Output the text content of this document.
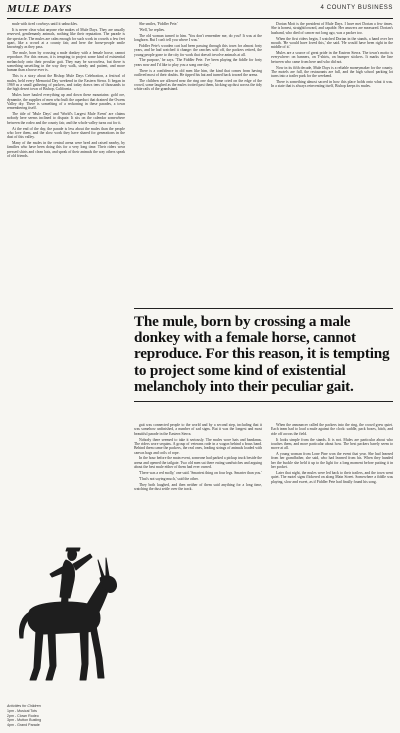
MULE DAYS	4 COUNTY BUSINESS

mule with tired cowboys until it unbuckles.

It is never clear what anyone else makes of Mule Days. They are usually reserved, gentlemanly animals, nothing like their reputation. The parade is the spectacle. The mules are calm enough for such work in crowds a few feet apart, like a crowd at a county fair, and here the horse-people smile knowingly as they pass.

The mule, born by crossing a male donkey with a female horse, cannot reproduce. For this reason, it is tempting to project some kind of existential melancholy onto their peculiar gait. They may be sorrowless, but there is something unsettling in the way they walk, steady and patient, and more human than a horse ever is.

This is a story about the Bishop Mule Days Celebration, a festival of mules, held every Memorial Day weekend in the Eastern Sierra. It began in 1969 as a small gathering of packers, and today draws tens of thousands to the high desert town of Bishop, California.

Mules have hauled everything up and down these mountains: gold ore, dynamite, the supplies of men who built the aqueduct that drained the Owens Valley dry. There is something of a reckoning in these parades, a town remembering itself.

The title of 'Mule Days' and 'World's Largest Mule Event' are claims nobody here seems inclined to dispute. It sits on the calendar somewhere between the rodeo and the county fair, and the whole valley turns out for it.

At the end of the day, the parade is less about the mules than the people who love them, and the slow work they have shared for generations in the dust of this valley.

Many of the mules in the central arena were bred and raised nearby, by families who have been doing this for a very long time. Their riders wear pressed shirts and clean hats, and speak of their animals the way others speak of old friends.

She smiles, 'Fiddler Pete.'

'Well,' he replies.

The old woman turned to him. 'You don't remember me, do you? It was at the longhorn. But I can't tell you where I was.'

Fiddler Pete's wooden cart had been passing through this town for almost forty years, and he had watched it change: the ranches sold off, the packers retired, the young people gone to the city for work that doesn't involve animals at all.

'The purpose,' he says. 'The Fiddler Pete. I've been playing the fiddle for forty years now and I'd like to play you a song one day.'

There is a confidence in old men like him, the kind that comes from having outlived most of their doubts. He tipped his hat and turned back toward the arena.

The children are allowed near the ring one day. Some cried on the edge of the crowd, some laughed as the mules trotted past them, kicking up dust across the tidy white rails of the grandstand.

Dorian Mott is the president of Mule Days. I have met Dorian a few times. She is honest, straightforward, and capable. Her answers are measured. Dorian's husband, who died of cancer not long ago, was a packer too.

When the first riders begin, I watched Dorian in the stands, a hand over her mouth. 'He would have loved this,' she said. 'He would have been right in the middle of it.'

Mules are a source of great pride in the Eastern Sierra. The town's motto is everywhere: on banners, on T-shirts, on bumper stickers. It marks the line between who came from here and who did not.

Now in its fifth decade, Mule Days is a reliable moneymaker for the county. The motels are full, the restaurants are full, and the high school parking lot turns into a trailer park for the weekend.

There is something almost sacred in how this place holds onto what it was. In a state that is always reinventing itself, Bishop keeps its mules.

The mule, born by crossing a male donkey with a female horse, cannot reproduce. For this reason, it is tempting to project some kind of existential melancholy into their peculiar gait.

gait was connected people to the world and by a second step, including that it was somehow unfinished, a number of sad signs. But it was the longest and most beautiful parade in the Eastern Sierra.

Nobody there seemed to take it seriously. The mules wore hats and bandanas. The riders wore sequins. A group of veterans rode in a wagon behind a brass band. Behind them came the packers, the real ones, leading strings of animals loaded with canvas bags and coils of rope.

In the hour before the main event, someone had parked a pickup truck beside the arena and opened the tailgate. Two old men sat there eating sandwiches and arguing about the best mule either of them had ever owned.

'There was a red molly,' one said. 'Smartest thing on four legs. Smarter than you.'

'That's not saying much,' said the other.

They both laughed, and then neither of them said anything for a long time, watching the dust settle over the track.

When the announcer called the packers into the ring, the crowd grew quiet. Each team had to load a mule against the clock: saddle, pack boxes, hitch, and ride off across the field.

It looks simple from the stands. It is not. Mules are particular about who touches them, and more particular about how. The best packers barely seem to move at all.

A young woman from Lone Pine won the event that year. She had learned from her grandfather, she said, who had learned from his. When they handed her the buckle she held it up to the light for a long moment before putting it in her pocket.

Later that night, the mules were led back to their trailers, and the town went quiet. The motel signs flickered on along Main Street. Somewhere a fiddle was playing, slow and sweet, as if Fiddler Pete had finally found his song.

Activities for Children
1pm - Musical Tots
2pm - Clown Rodeo
3pm - Mutton Busting
4pm - Grand Parade
